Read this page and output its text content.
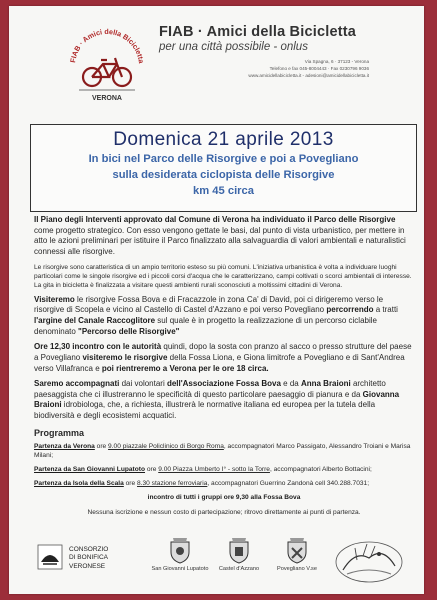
FIAB · Amici della Bicicletta
VERONA
FIAB · Amici della Bicicletta
per una città possibile - onlus
Via Spagna, 6 · 37123 - Verona
Telefono e fax 045-8004443 · Fax 0230796 9036
www.amicidellabicicletta.it - adesioni@amicidellabicicletta.it
Domenica 21 aprile 2013
In bici nel Parco delle Risorgive e poi a Povegliano
sulla desiderata ciclopista delle Risorgive
km 45 circa

Il Piano degli Interventi approvato dal Comune di Verona ha individuato il Parco delle Risorgive come progetto strategico. Con esso vengono gettate le basi, dal punto di vista urbanistico, per mettere in atto le azioni preliminari per istituire il Parco finalizzato alla salvaguardia di valori ambientali e naturalistici connessi alle risorgive.

Le risorgive sono caratteristica di un ampio territorio esteso su più comuni. L'iniziativa urbanistica è volta a individuare luoghi particolari come le singole risorgive ed i piccoli corsi d'acqua che le caratterizzano, campi coltivati o scorci ambientali di interesse. La gita in bicicletta è finalizzata a visitare questi ambienti rurali sconosciuti a moltissimi cittadini di Verona.

Visiteremo le risorgive Fossa Bova e di Fracazzole in zona Ca' di David, poi ci dirigeremo verso le risorgive di Scopela e vicino al Castello di Castel d'Azzano e poi verso Povegliano percorrendo a tratti l'argine del Canale Raccoglitore sul quale è in progetto la realizzazione di un percorso ciclabile denominato "Percorso delle Risorgive"

Ore 12,30 incontro con le autorità quindi, dopo la sosta con pranzo al sacco o presso strutture del paese a Povegliano visiteremo le risorgive della Fossa Liona, e Giona limitrofe a Povegliano e di Sant'Andrea verso Villafranca e poi rientreremo a Verona per le ore 18 circa.

Saremo accompagnati dai volontari dell'Associazione Fossa Bova e da Anna Braioni architetto paesaggista che ci illustreranno le specificità di questo particolare paesaggio di pianura e da Giovanna Braioni idrobiologa, che, a richiesta, illustrerà le normative italiana ed europea per la tutela della biodiversità e degli ecosistemi acquatici.

Programma

Partenza da Verona ore 9.00 piazzale Policlinico di Borgo Roma, accompagnatori Marco Passigato, Alessandro Troiani e Marisa Milani;

Partenza da San Giovanni Lupatoto ore 9.00 Piazza Umberto I° - sotto la Torre, accompagnatori Alberto Bottacini;

Partenza da Isola della Scala ore 8.30 stazione ferroviaria, accompagnatori Guerrino Zandonà cell 340.288.7031;

incontro di tutti i gruppi ore 9,30 alla Fossa Bova

Nessuna iscrizione e nessun costo di partecipazione; ritrovo direttamente ai punti di partenza.

CONSORZIO
DI BONIFICA
VERONESE	San Giovanni Lupatoto	Castel d'Azzano	Povegliano V.se
